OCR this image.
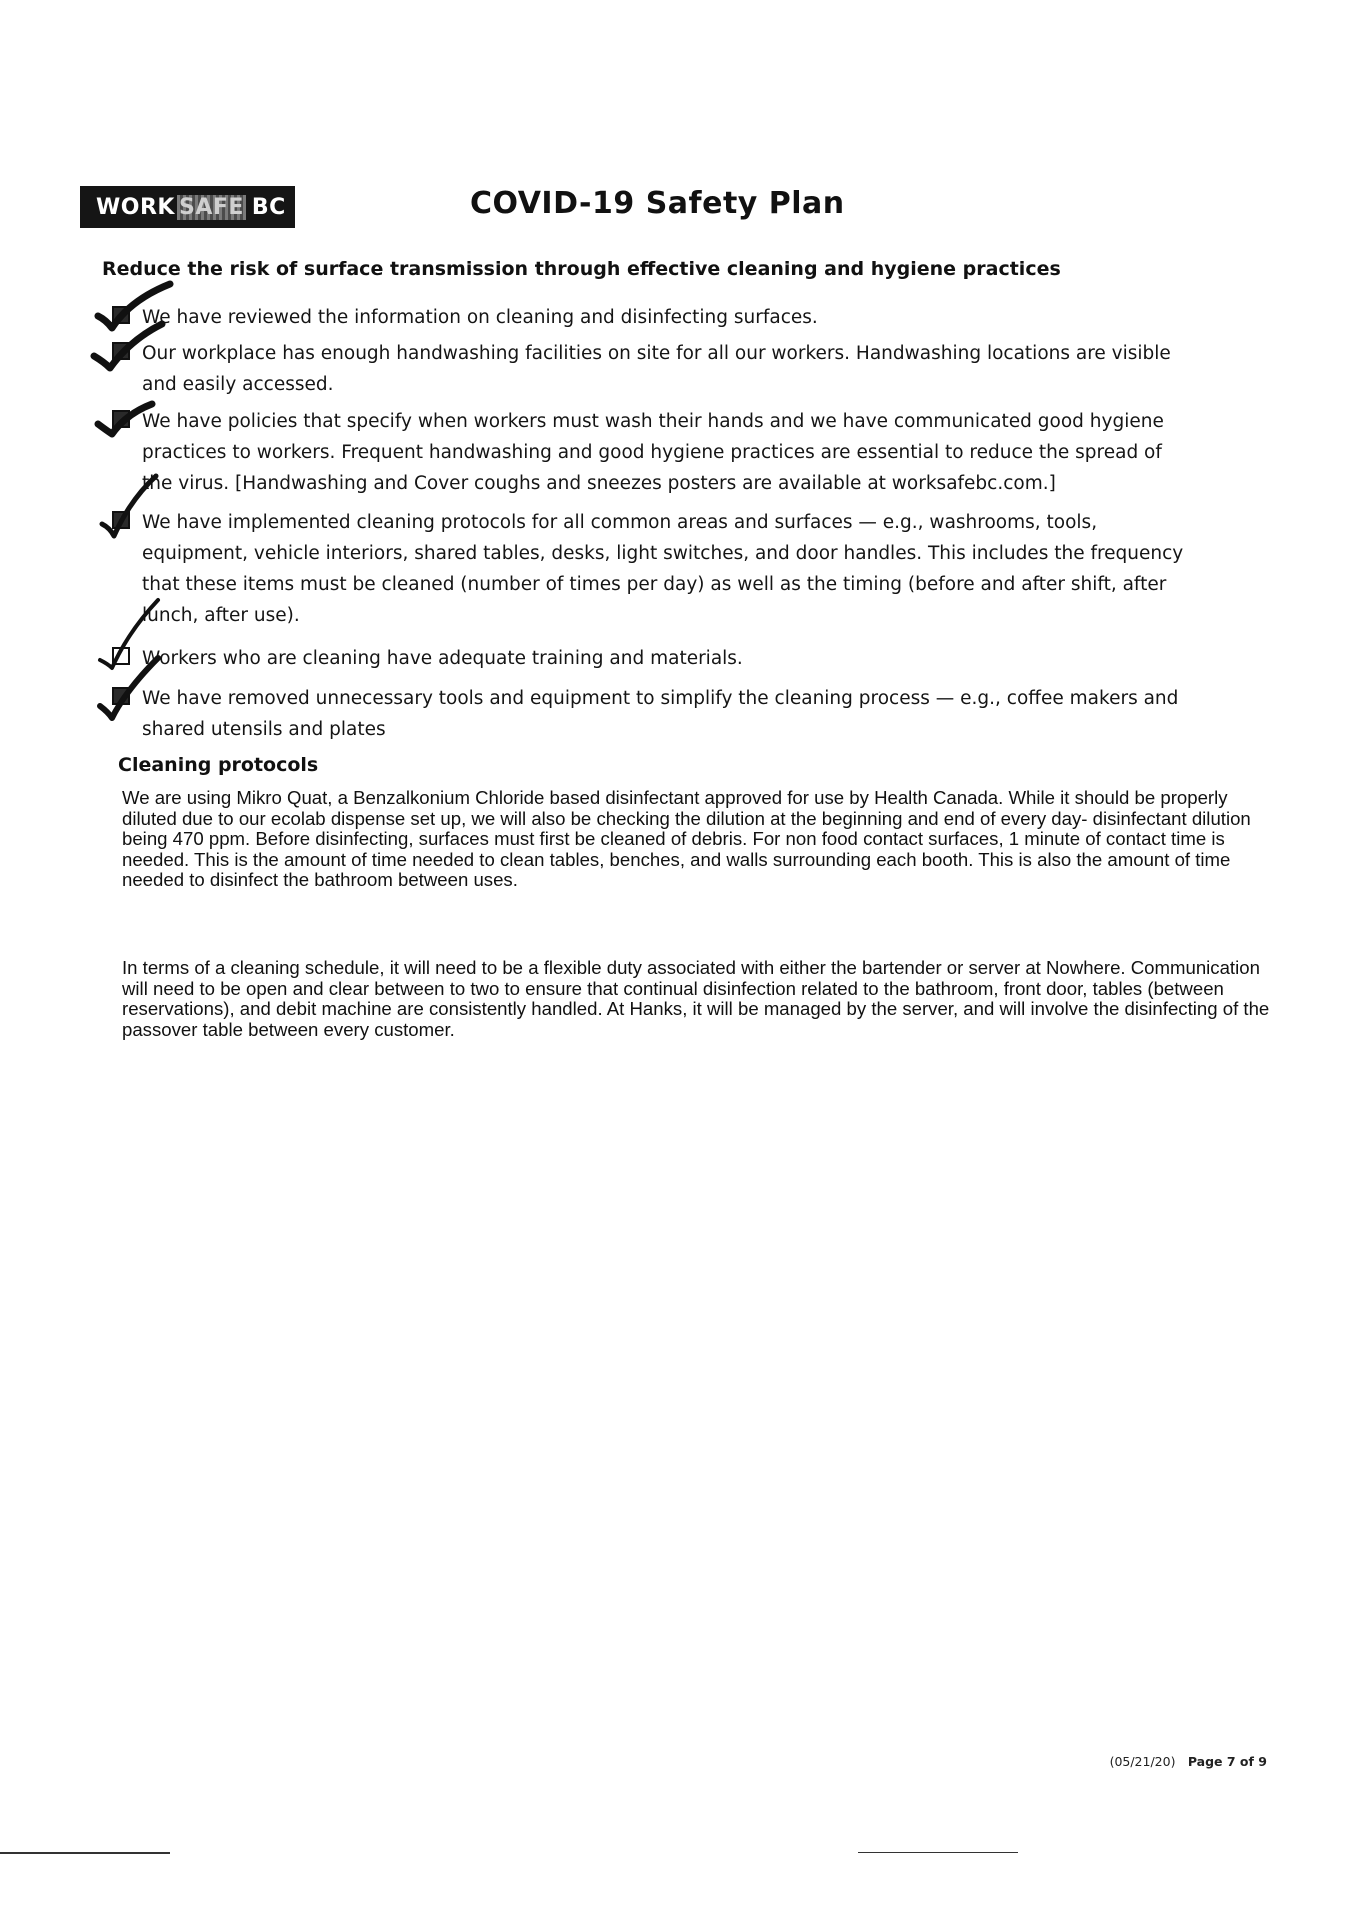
WORK SAFE BC	COVID-19 Safety Plan
Reduce the risk of surface transmission through effective cleaning and hygiene practices
We have reviewed the information on cleaning and disinfecting surfaces.
Our workplace has enough handwashing facilities on site for all our workers. Handwashing locations are visible
and easily accessed.
We have policies that specify when workers must wash their hands and we have communicated good hygiene
practices to workers. Frequent handwashing and good hygiene practices are essential to reduce the spread of
the virus. [Handwashing and Cover coughs and sneezes posters are available at worksafebc.com.]
We have implemented cleaning protocols for all common areas and surfaces — e.g., washrooms, tools,
equipment, vehicle interiors, shared tables, desks, light switches, and door handles. This includes the frequency
that these items must be cleaned (number of times per day) as well as the timing (before and after shift, after
lunch, after use).
Workers who are cleaning have adequate training and materials.
We have removed unnecessary tools and equipment to simplify the cleaning process — e.g., coffee makers and
shared utensils and plates
Cleaning protocols
We are using Mikro Quat, a Benzalkonium Chloride based disinfectant approved for use by Health Canada. While it should be properly diluted due to our ecolab dispense set up, we will also be checking the dilution at the beginning and end of every day- disinfectant dilution being 470 ppm. Before disinfecting, surfaces must first be cleaned of debris. For non food contact surfaces, 1 minute of contact time is needed. This is the amount of time needed to clean tables, benches, and walls surrounding each booth. This is also the amount of time needed to disinfect the bathroom between uses.
In terms of a cleaning schedule, it will need to be a flexible duty associated with either the bartender or server at Nowhere. Communication will need to be open and clear between to two to ensure that continual disinfection related to the bathroom, front door, tables (between reservations), and debit machine are consistently handled. At Hanks, it will be managed by the server, and will involve the disinfecting of the passover table between every customer.
(05/21/20) Page 7 of 9
